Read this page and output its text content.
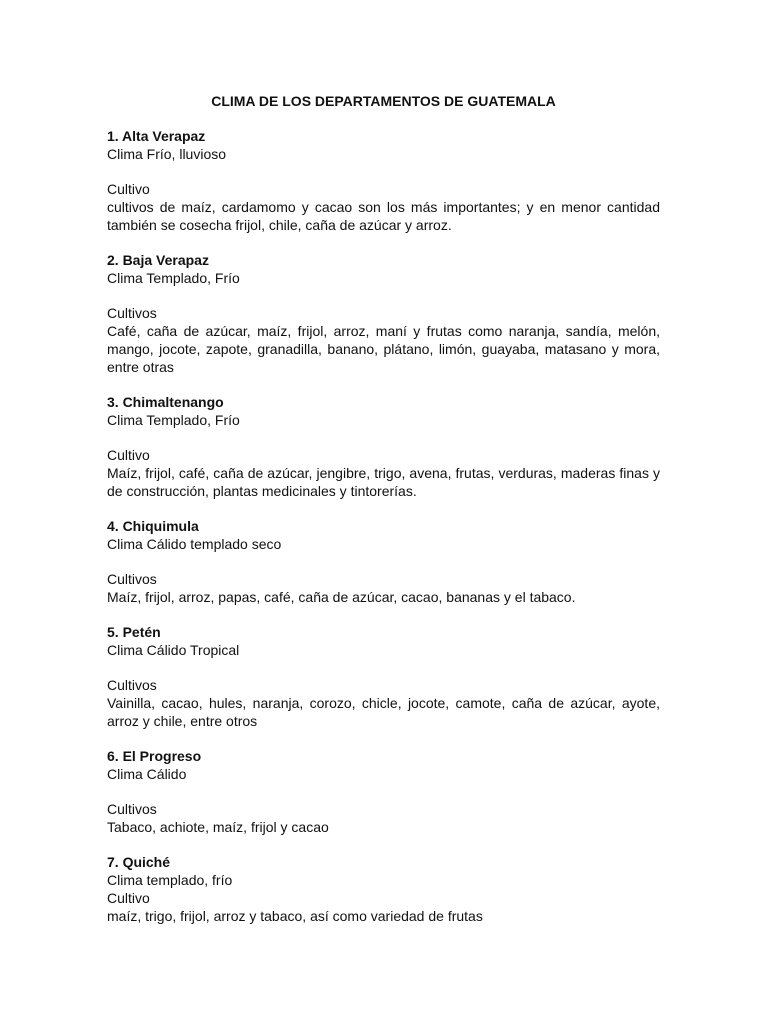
CLIMA DE LOS DEPARTAMENTOS DE GUATEMALA
1. Alta Verapaz
Clima Frío, lluvioso
Cultivo
cultivos de maíz, cardamomo y cacao son los más importantes; y en menor cantidad también se cosecha frijol, chile, caña de azúcar y arroz.
2. Baja Verapaz
Clima Templado, Frío
Cultivos
Café, caña de azúcar, maíz, frijol, arroz, maní y frutas como naranja, sandía, melón, mango, jocote, zapote, granadilla, banano, plátano, limón, guayaba, matasano y mora, entre otras
3. Chimaltenango
Clima Templado, Frío
Cultivo
Maíz, frijol, café, caña de azúcar, jengibre, trigo, avena, frutas, verduras, maderas finas y de construcción, plantas medicinales y tintorerías.
4. Chiquimula
Clima Cálido templado seco
Cultivos
Maíz, frijol, arroz, papas, café, caña de azúcar, cacao, bananas y el tabaco.
5. Petén
Clima Cálido Tropical
Cultivos
Vainilla, cacao, hules, naranja, corozo, chicle, jocote, camote, caña de azúcar, ayote, arroz y chile, entre otros
6. El Progreso
Clima Cálido
Cultivos
Tabaco, achiote, maíz, frijol y cacao
7. Quiché
Clima templado, frío
Cultivo
maíz, trigo, frijol, arroz y tabaco, así como variedad de frutas
